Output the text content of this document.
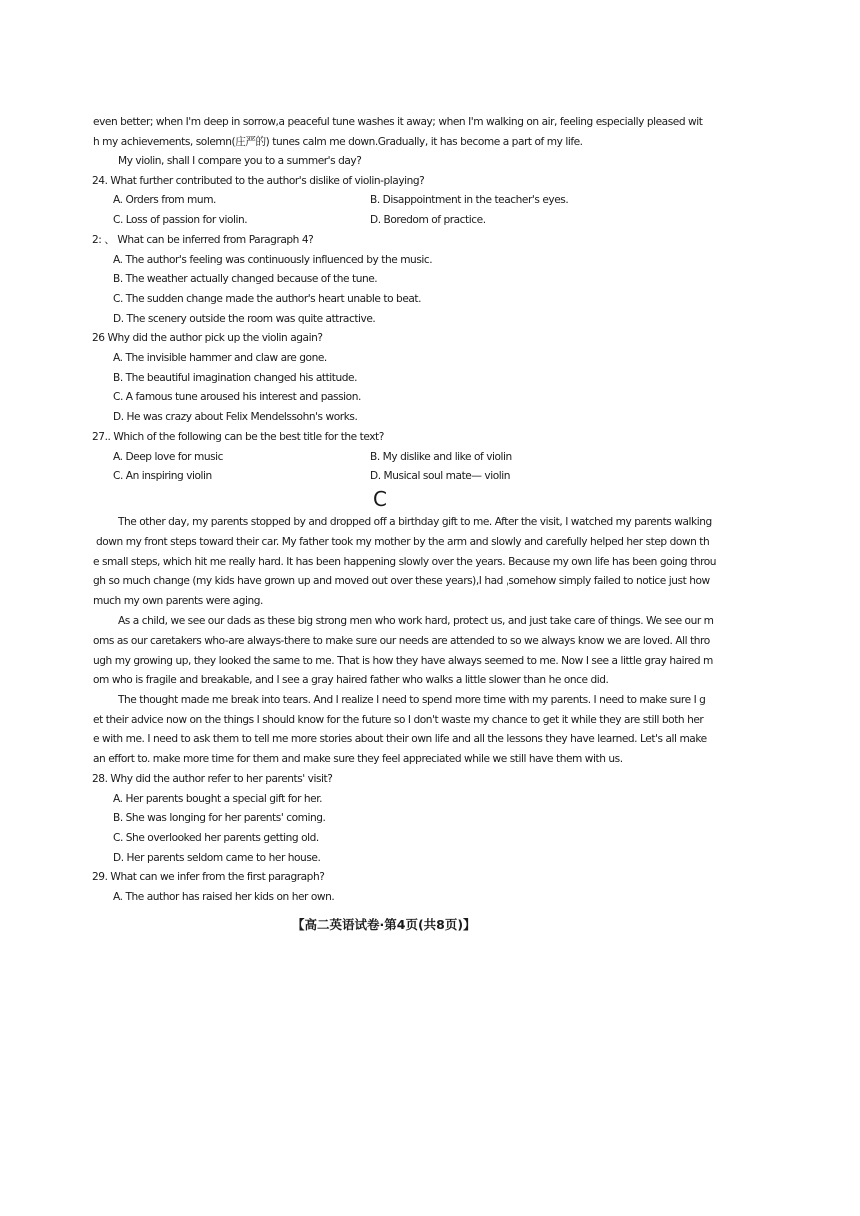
even better; when I'm deep in sorrow,a peaceful tune washes it away; when I'm walking on air, feeling especially pleased wit
h my achievements, solemn(庄严的) tunes calm me down.Gradually, it has become a part of my life.
My violin, shall I compare you to a summer's day?
24. What further contributed to the author's dislike of violin-playing?
A. Orders from mum.	B. Disappointment in the teacher's eyes.
C. Loss of passion for violin.	D. Boredom of practice.
2: 、 What can be inferred from Paragraph 4?
A. The author's feeling was continuously influenced by the music.
B. The weather actually changed because of the tune.
C. The sudden change made the author's heart unable to beat.
D. The scenery outside the room was quite attractive.
26 Why did the author pick up the violin again?
A. The invisible hammer and claw are gone.
B. The beautiful imagination changed his attitude.
C. A famous tune aroused his interest and passion.
D. He was crazy about Felix Mendelssohn's works.
27.. Which of the following can be the best title for the text?
A. Deep love for music	B. My dislike and like of violin
C. An inspiring violin	D. Musical soul mate— violin
C
The other day, my parents stopped by and dropped off a birthday gift to me. After the visit, I watched my parents walking
down my front steps toward their car. My father took my mother by the arm and slowly and carefully helped her step down th
e small steps, which hit me really hard. It has been happening slowly over the years. Because my own life has been going throu
gh so much change (my kids have grown up and moved out over these years),I had ˌsomehow simply failed to notice just how
much my own parents were aging.
As a child, we see our dads as these big strong men who work hard, protect us, and just take care of things. We see our m
oms as our caretakers who-are always-there to make sure our needs are attended to so we always know we are loved. All thro
ugh my growing up, they looked the same to me. That is how they have always seemed to me. Now I see a little gray haired m
om who is fragile and breakable, and I see a gray haired father who walks a little slower than he once did.
The thought made me break into tears. And I realize I need to spend more time with my parents. I need to make sure I g
et their advice now on the things I should know for the future so I don't waste my chance to get it while they are still both her
e with me. I need to ask them to tell me more stories about their own life and all the lessons they have learned. Let's all make
an effort to. make more time for them and make sure they feel appreciated while we still have them with us.
28. Why did the author refer to her parents' visit?
A. Her parents bought a special gift for her.
B. She was longing for her parents' coming.
C. She overlooked her parents getting old.
D. Her parents seldom came to her house.
29. What can we infer from the first paragraph?
A. The author has raised her kids on her own.
【高二英语试卷·第4页(共8页)】
